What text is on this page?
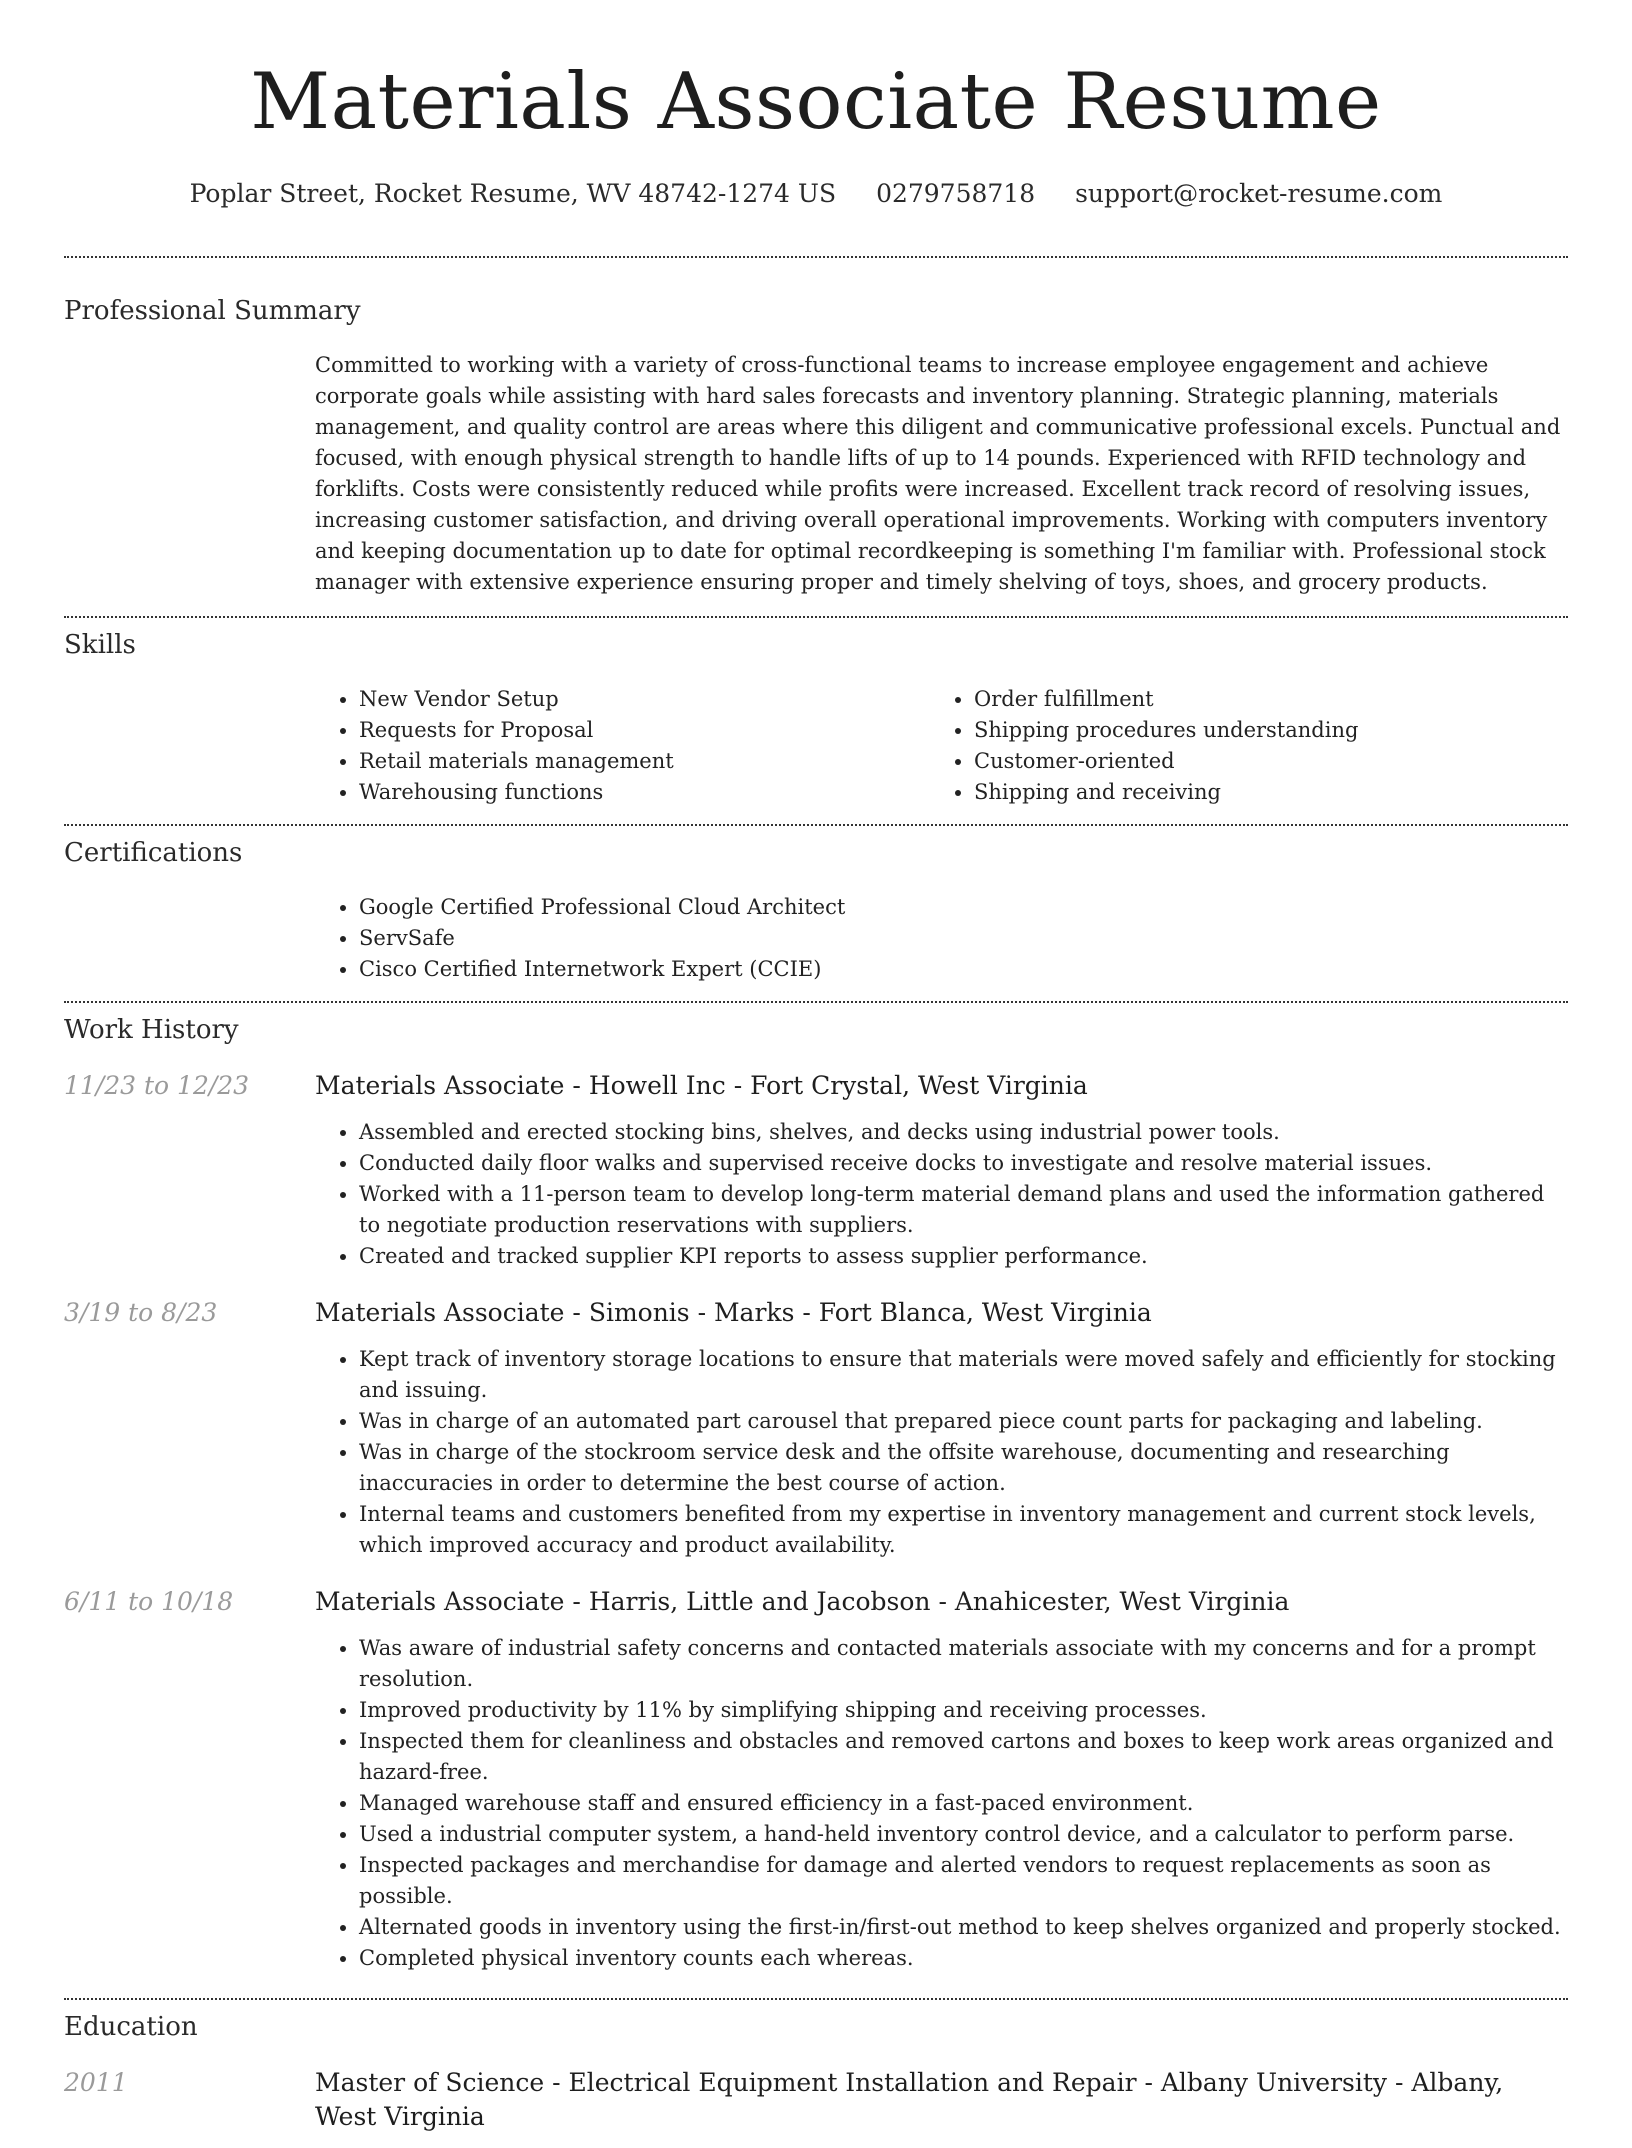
Materials Associate Resume
Poplar Street, Rocket Resume, WV 48742-1274 US 0279758718 support@rocket-resume.com
Professional Summary

Committed to working with a variety of cross-functional teams to increase employee engagement and achieve corporate goals while assisting with hard sales forecasts and inventory planning. Strategic planning, materials management, and quality control are areas where this diligent and communicative professional excels. Punctual and focused, with enough physical strength to handle lifts of up to 14 pounds. Experienced with RFID technology and forklifts. Costs were consistently reduced while profits were increased. Excellent track record of resolving issues, increasing customer satisfaction, and driving overall operational improvements. Working with computers inventory and keeping documentation up to date for optimal recordkeeping is something I'm familiar with. Professional stock manager with extensive experience ensuring proper and timely shelving of toys, shoes, and grocery products.

Skills
• New Vendor Setup
• Requests for Proposal
• Retail materials management
• Warehousing functions
• Order fulfillment
• Shipping procedures understanding
• Customer-oriented
• Shipping and receiving
Certifications
• Google Certified Professional Cloud Architect
• ServSafe
• Cisco Certified Internetwork Expert (CCIE)
Work History
11/23 to 12/23	Materials Associate - Howell Inc - Fort Crystal, West Virginia
• Assembled and erected stocking bins, shelves, and decks using industrial power tools.
• Conducted daily floor walks and supervised receive docks to investigate and resolve material issues.
• Worked with a 11-person team to develop long-term material demand plans and used the information gathered to negotiate production reservations with suppliers.
• Created and tracked supplier KPI reports to assess supplier performance.
3/19 to 8/23	Materials Associate - Simonis - Marks - Fort Blanca, West Virginia
• Kept track of inventory storage locations to ensure that materials were moved safely and efficiently for stocking and issuing.
• Was in charge of an automated part carousel that prepared piece count parts for packaging and labeling.
• Was in charge of the stockroom service desk and the offsite warehouse, documenting and researching inaccuracies in order to determine the best course of action.
• Internal teams and customers benefited from my expertise in inventory management and current stock levels, which improved accuracy and product availability.
6/11 to 10/18	Materials Associate - Harris, Little and Jacobson - Anahicester, West Virginia
• Was aware of industrial safety concerns and contacted materials associate with my concerns and for a prompt resolution.
• Improved productivity by 11% by simplifying shipping and receiving processes.
• Inspected them for cleanliness and obstacles and removed cartons and boxes to keep work areas organized and hazard-free.
• Managed warehouse staff and ensured efficiency in a fast-paced environment.
• Used a industrial computer system, a hand-held inventory control device, and a calculator to perform parse.
• Inspected packages and merchandise for damage and alerted vendors to request replacements as soon as possible.
• Alternated goods in inventory using the first-in/first-out method to keep shelves organized and properly stocked.
• Completed physical inventory counts each whereas.
Education
2011	Master of Science - Electrical Equipment Installation and Repair - Albany University - Albany, West Virginia
